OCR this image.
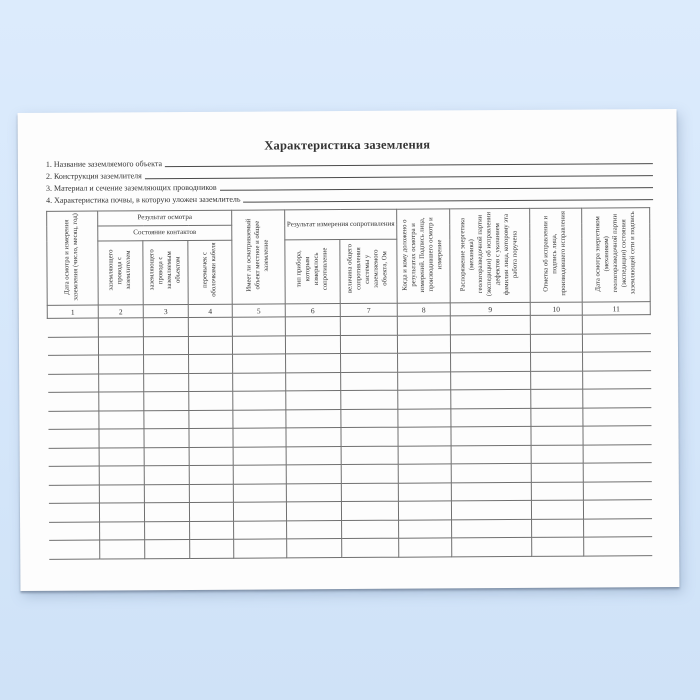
Характеристика заземления
1. Название заземляемого объекта
2. Конструкция заземлителя
3. Материал и сечение заземляющих проводников
4. Характеристика почвы, в которую уложен заземлитель
Дата осмотра и измерения заземления (число, месяц, год)	Результат осмотра			Имеет ли осматриваемый объект местное и общее заземление	Результат измерения сопротивления		Когда и кому доложено о результатах осмотра и измерений. Подпись лица, производившего осмотр и измерение	Распоряжение энергетика (механика) геологоразведочной партии (экспедиции) об исправлении дефектов с указанием фамилии лица, которому эта работа поручена	Отметка об исправлении и подпись лица, производившего исправления	Дата осмотра энергетиком (механиком) геологоразведочной партии (экспедиции) состояния заземляющей сети и подпись
	Состояние контактов									
	заземляющего провода с заземлителем	заземляющего провода с заземляемым объектом	перемычек с оболочками кабеля		тип прибора, которым измерялось сопротивление	величина общего сопротивления системы у заземляемого объекта, Ом				
1	2	3	4	5	6	7	8	9	10	11
